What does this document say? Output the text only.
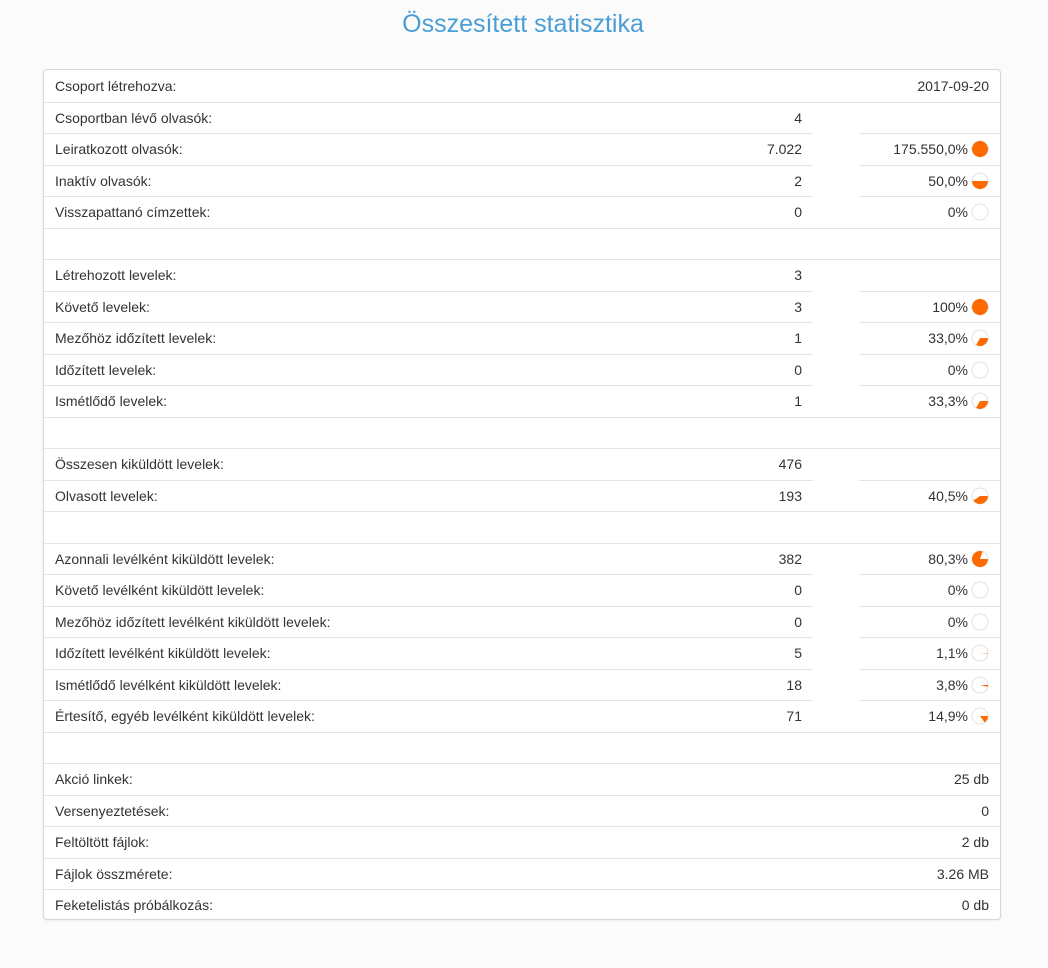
Összesített statisztika
Csoport létrehozva:	2017-09-20
Csoportban lévő olvasók:	4
Leiratkozott olvasók:	7.022	175.550,0%
Inaktív olvasók:	2	50,0%
Visszapattanó címzettek:	0	0%
Létrehozott levelek:	3
Követő levelek:	3	100%
Mezőhöz időzített levelek:	1	33,0%
Időzített levelek:	0	0%
Ismétlődő levelek:	1	33,3%
Összesen kiküldött levelek:	476
Olvasott levelek:	193	40,5%
Azonnali levélként kiküldött levelek:	382	80,3%
Követő levélként kiküldött levelek:	0	0%
Mezőhöz időzített levélként kiküldött levelek:	0	0%
Időzített levélként kiküldött levelek:	5	1,1%
Ismétlődő levélként kiküldött levelek:	18	3,8%
Értesítő, egyéb levélként kiküldött levelek:	71	14,9%
Akció linkek:	25 db
Versenyeztetések:	0
Feltöltött fájlok:	2 db
Fájlok összmérete:	3.26 MB
Feketelistás próbálkozás:	0 db
